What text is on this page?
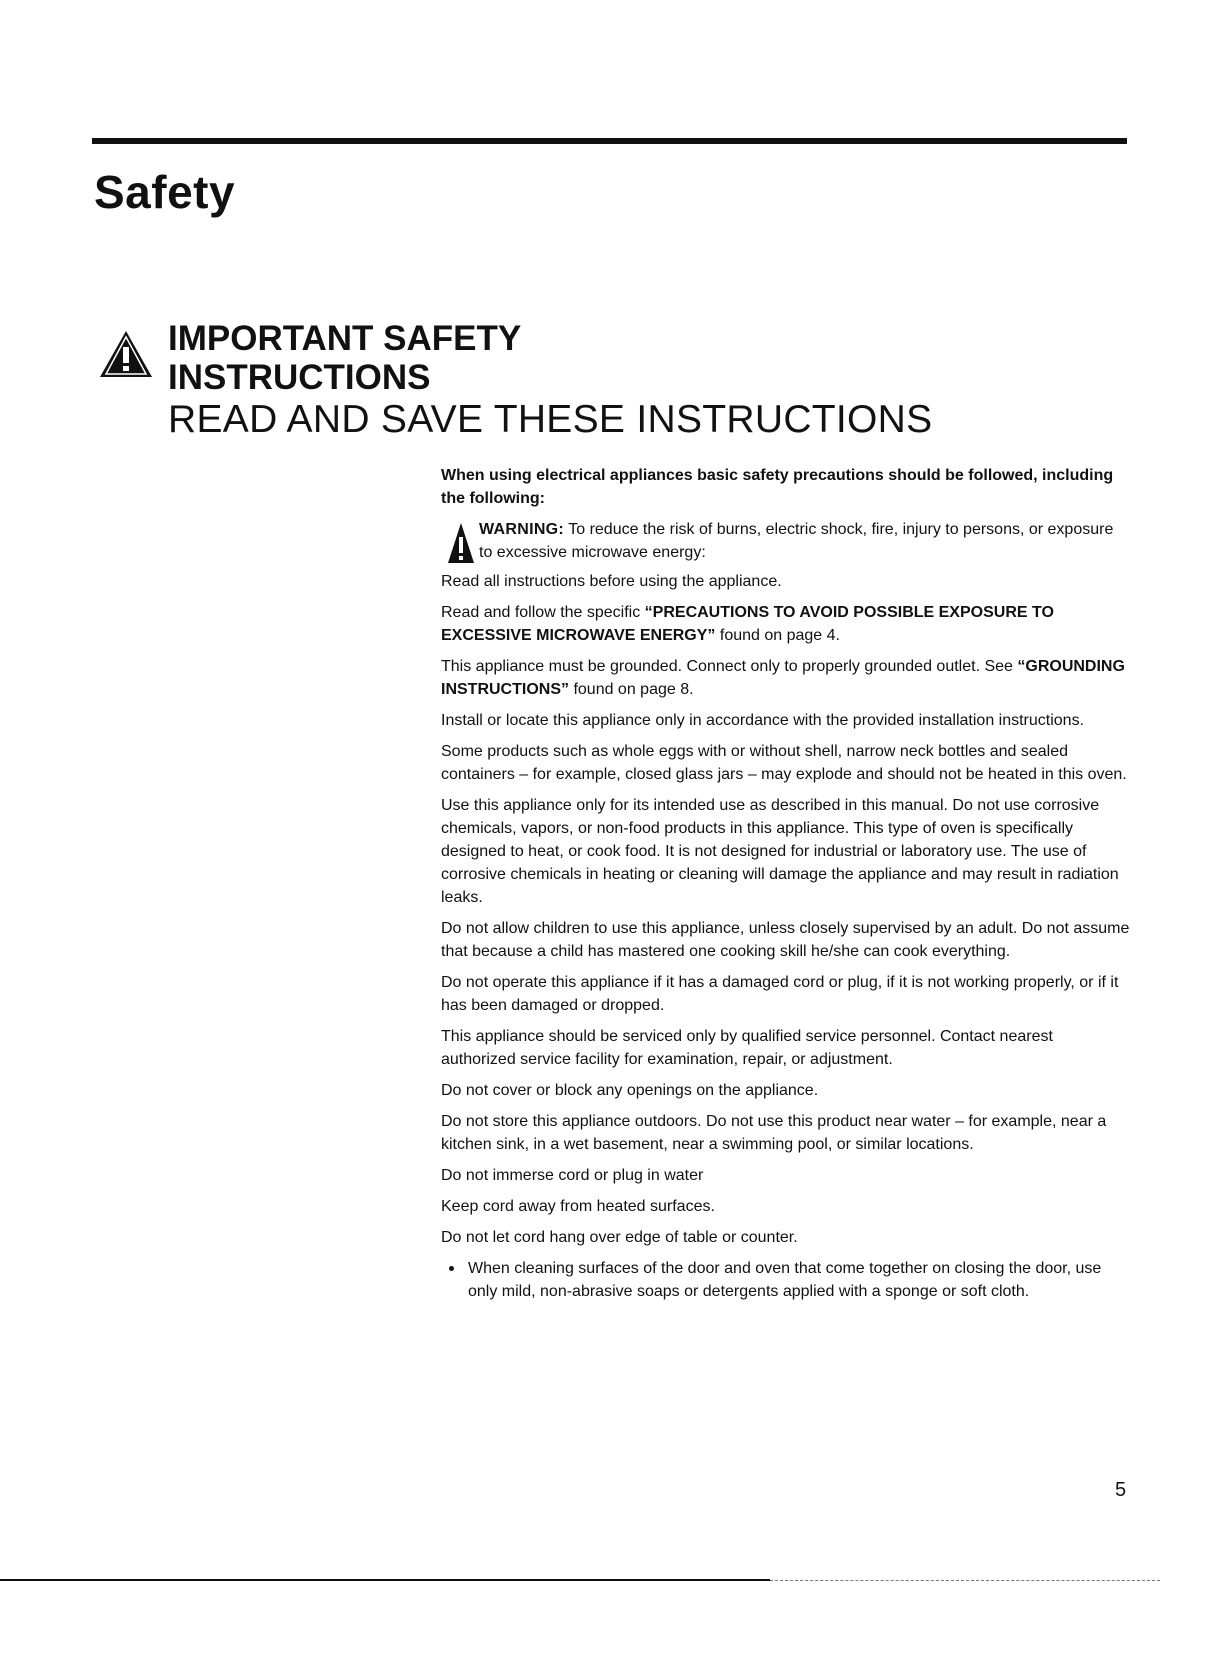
Safety
IMPORTANT SAFETY
INSTRUCTIONS
READ AND SAVE THESE INSTRUCTIONS

When using electrical appliances basic safety precautions should be followed, including the following:

WARNING: To reduce the risk of burns, electric shock, fire, injury to persons, or exposure to excessive microwave energy:

Read all instructions before using the appliance.

Read and follow the specific “PRECAUTIONS TO AVOID POSSIBLE EXPOSURE TO EXCESSIVE MICROWAVE ENERGY” found on page 4.

This appliance must be grounded. Connect only to properly grounded outlet. See “GROUNDING INSTRUCTIONS” found on page 8.

Install or locate this appliance only in accordance with the provided installation instructions.

Some products such as whole eggs with or without shell, narrow neck bottles and sealed containers – for example, closed glass jars – may explode and should not be heated in this oven.

Use this appliance only for its intended use as described in this manual. Do not use corrosive chemicals, vapors, or non-food products in this appliance. This type of oven is specifically designed to heat, or cook food. It is not designed for industrial or laboratory use. The use of corrosive chemicals in heating or cleaning will damage the appliance and may result in radiation leaks.

Do not allow children to use this appliance, unless closely supervised by an adult. Do not assume that because a child has mastered one cooking skill he/she can cook everything.

Do not operate this appliance if it has a damaged cord or plug, if it is not working properly, or if it has been damaged or dropped.

This appliance should be serviced only by qualified service personnel. Contact nearest authorized service facility for examination, repair, or adjustment.

Do not cover or block any openings on the appliance.

Do not store this appliance outdoors. Do not use this product near water – for example, near a kitchen sink, in a wet basement, near a swimming pool, or similar locations.

Do not immerse cord or plug in water

Keep cord away from heated surfaces.

Do not let cord hang over edge of table or counter.

When cleaning surfaces of the door and oven that come together on closing the door, use only mild, non-abrasive soaps or detergents applied with a sponge or soft cloth.

5
